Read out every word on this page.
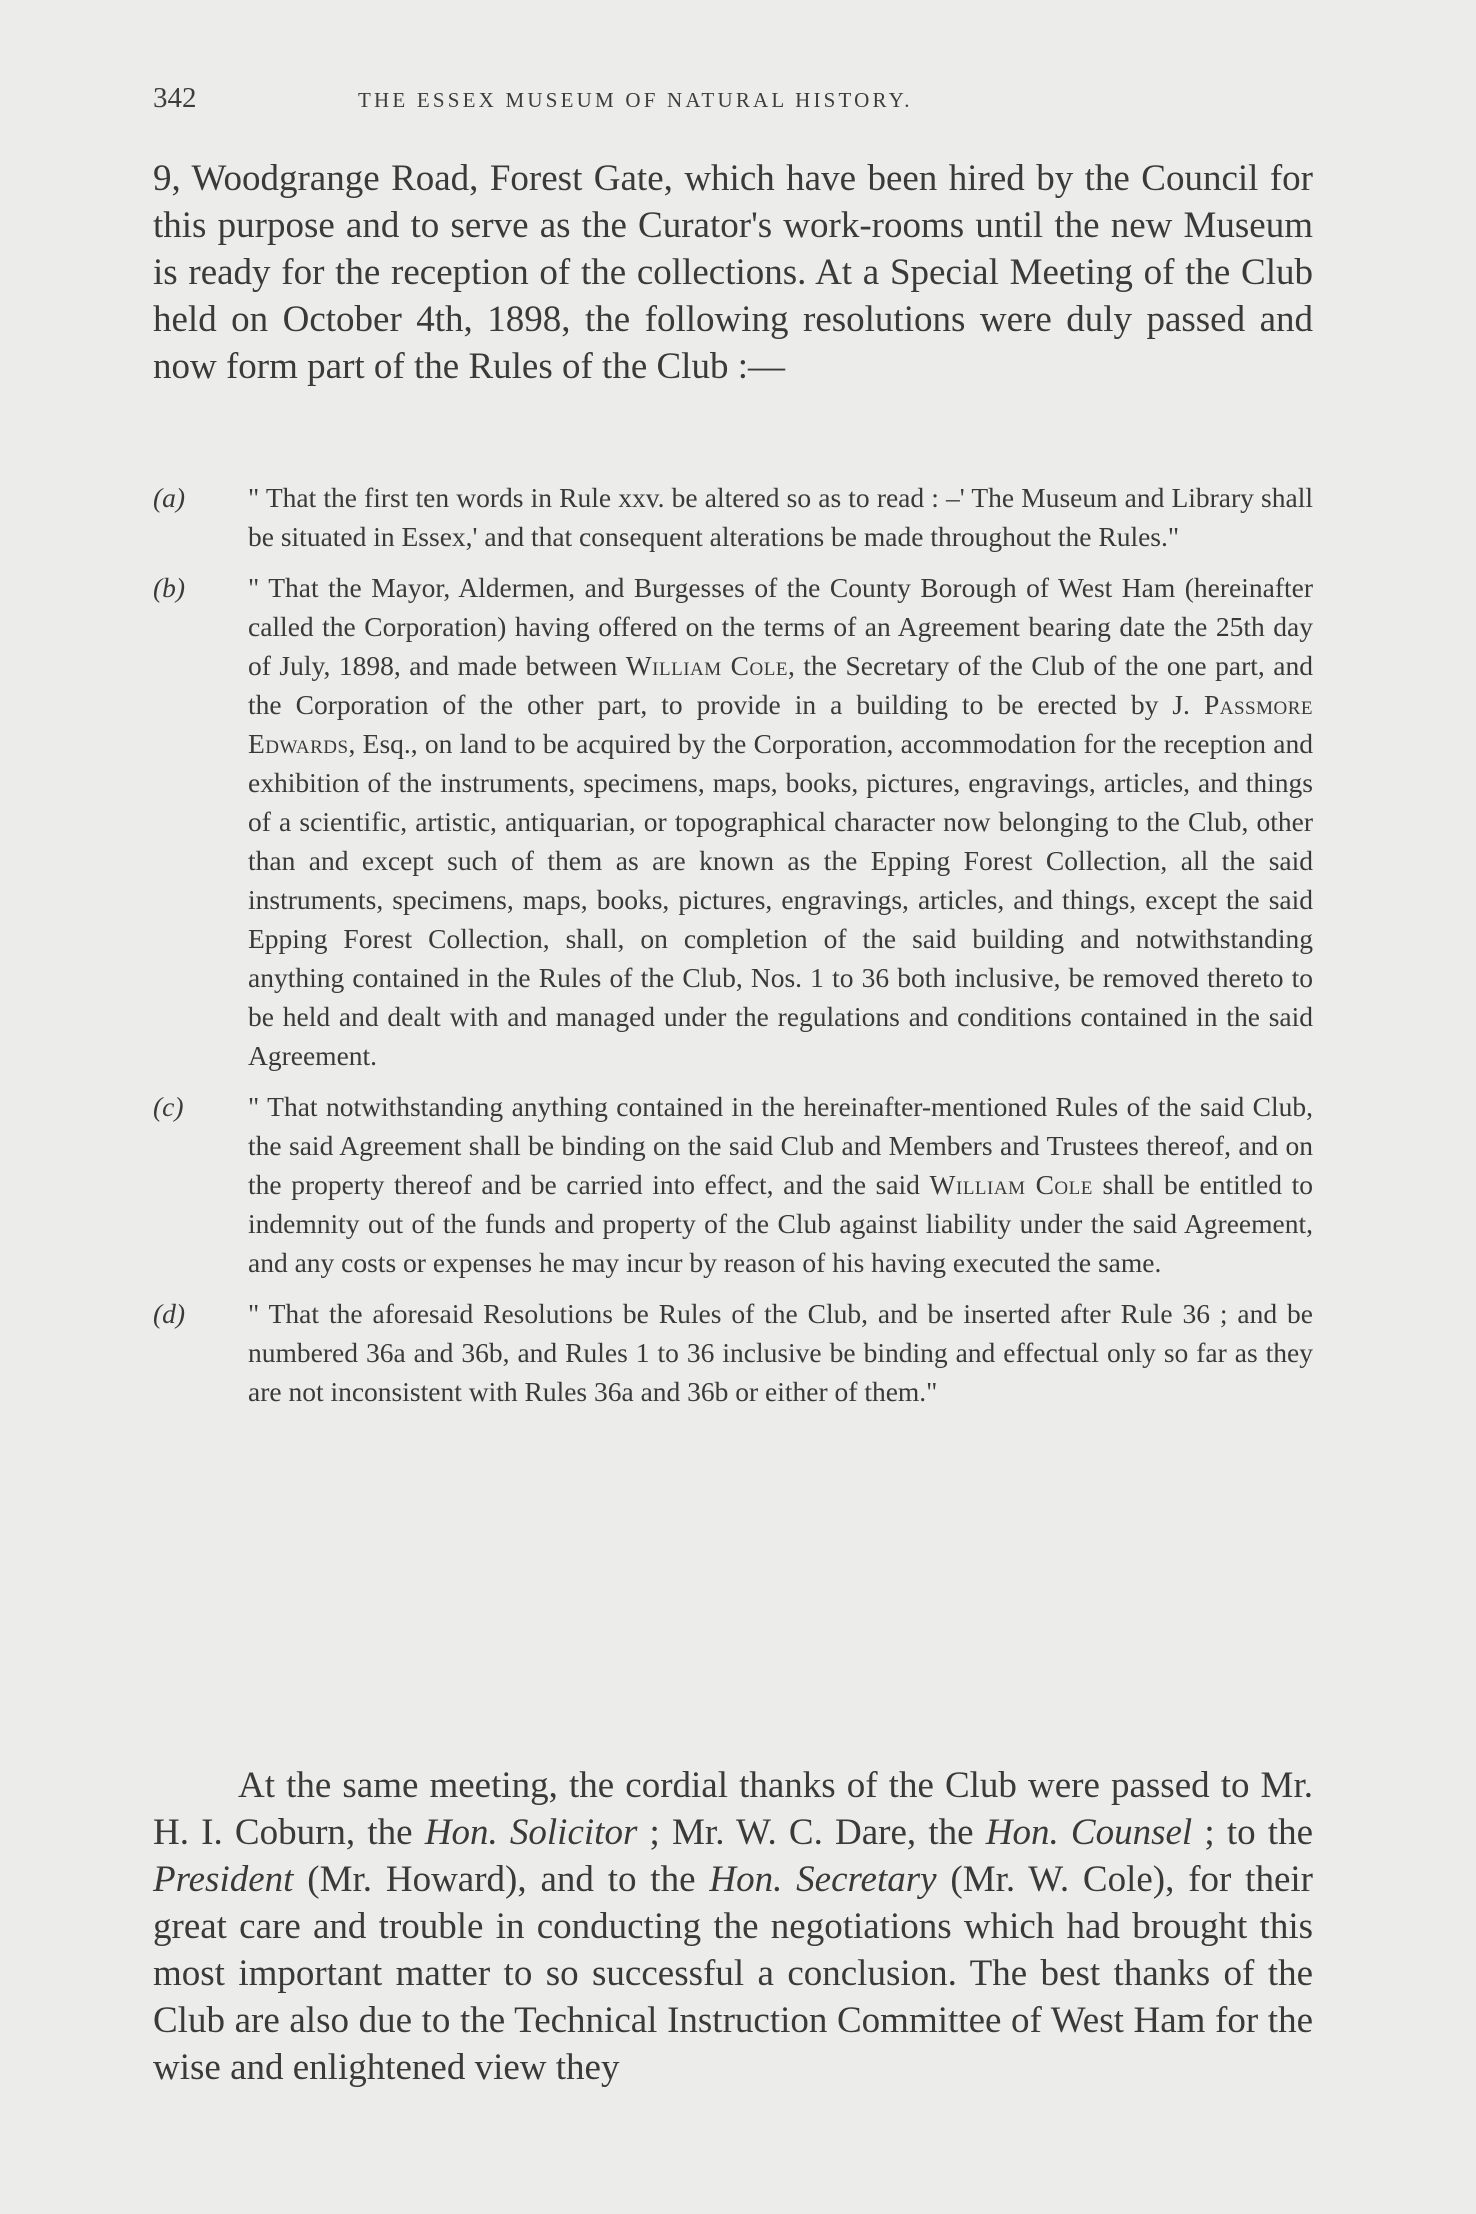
342	THE ESSEX MUSEUM OF NATURAL HISTORY.

9, Woodgrange Road, Forest Gate, which have been hired by the Council for this purpose and to serve as the Curator's work-rooms until the new Museum is ready for the reception of the collections. At a Special Meeting of the Club held on October 4th, 1898, the following resolutions were duly passed and now form part of the Rules of the Club :—

(a) " That the first ten words in Rule xxv. be altered so as to read : –' The Museum and Library shall be situated in Essex,' and that consequent alterations be made throughout the Rules."
(b) " That the Mayor, Aldermen, and Burgesses of the County Borough of West Ham (hereinafter called the Corporation) having offered on the terms of an Agreement bearing date the 25th day of July, 1898, and made between William Cole, the Secretary of the Club of the one part, and the Corporation of the other part, to provide in a building to be erected by J. Passmore Edwards, Esq., on land to be acquired by the Corporation, accommodation for the reception and exhibition of the instruments, specimens, maps, books, pictures, engravings, articles, and things of a scientific, artistic, antiquarian, or topographical character now belonging to the Club, other than and except such of them as are known as the Epping Forest Collection, all the said instruments, specimens, maps, books, pictures, engravings, articles, and things, except the said Epping Forest Collection, shall, on completion of the said building and notwithstanding anything contained in the Rules of the Club, Nos. 1 to 36 both inclusive, be removed thereto to be held and dealt with and managed under the regulations and conditions contained in the said Agreement.
(c) " That notwithstanding anything contained in the hereinafter-mentioned Rules of the said Club, the said Agreement shall be binding on the said Club and Members and Trustees thereof, and on the property thereof and be carried into effect, and the said William Cole shall be entitled to indemnity out of the funds and property of the Club against liability under the said Agreement, and any costs or expenses he may incur by reason of his having executed the same.
(d) " That the aforesaid Resolutions be Rules of the Club, and be inserted after Rule 36 ; and be numbered 36a and 36b, and Rules 1 to 36 inclusive be binding and effectual only so far as they are not inconsistent with Rules 36a and 36b or either of them."

At the same meeting, the cordial thanks of the Club were passed to Mr. H. I. Coburn, the Hon. Solicitor ; Mr. W. C. Dare, the Hon. Counsel ; to the President (Mr. Howard), and to the Hon. Secretary (Mr. W. Cole), for their great care and trouble in conducting the negotiations which had brought this most important matter to so successful a conclusion. The best thanks of the Club are also due to the Technical Instruction Committee of West Ham for the wise and enlightened view they
